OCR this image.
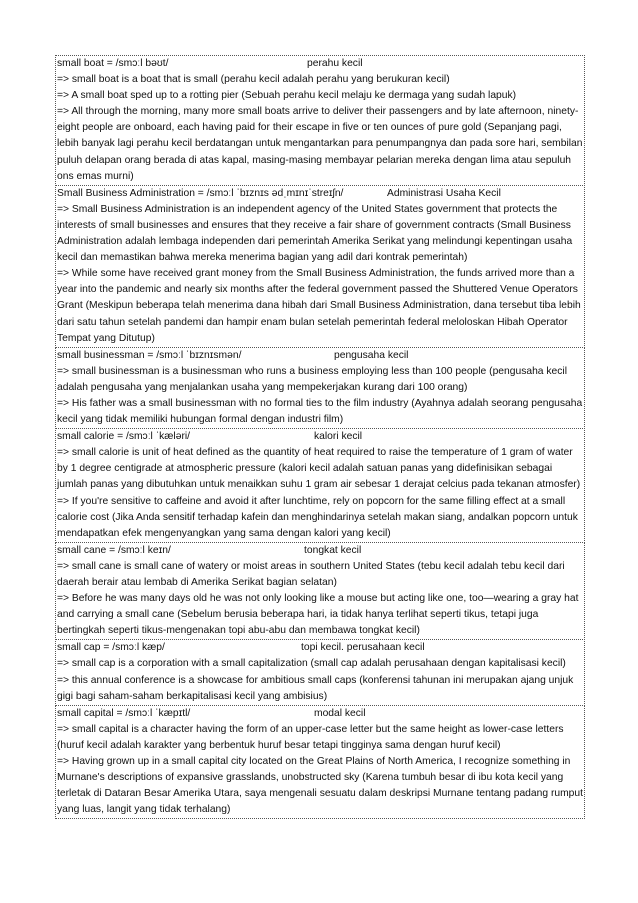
small boat = /smɔːl bəʊt/	perahu kecil
=> small boat is a boat that is small (perahu kecil adalah perahu yang berukuran kecil)
=> A small boat sped up to a rotting pier (Sebuah perahu kecil melaju ke dermaga yang sudah lapuk)
=> All through the morning, many more small boats arrive to deliver their passengers and by late afternoon, ninety-eight people are onboard, each having paid for their escape in five or ten ounces of pure gold (Sepanjang pagi, lebih banyak lagi perahu kecil berdatangan untuk mengantarkan para penumpangnya dan pada sore hari, sembilan puluh delapan orang berada di atas kapal, masing-masing membayar pelarian mereka dengan lima atau sepuluh ons emas murni)
Small Business Administration = /smɔːl ˈbɪznɪs ədˌmɪnɪˈstreɪʃn/	Administrasi Usaha Kecil
=> Small Business Administration is an independent agency of the United States government that protects the interests of small businesses and ensures that they receive a fair share of government contracts (Small Business Administration adalah lembaga independen dari pemerintah Amerika Serikat yang melindungi kepentingan usaha kecil dan memastikan bahwa mereka menerima bagian yang adil dari kontrak pemerintah)
=> While some have received grant money from the Small Business Administration, the funds arrived more than a year into the pandemic and nearly six months after the federal government passed the Shuttered Venue Operators Grant (Meskipun beberapa telah menerima dana hibah dari Small Business Administration, dana tersebut tiba lebih dari satu tahun setelah pandemi dan hampir enam bulan setelah pemerintah federal meloloskan Hibah Operator Tempat yang Ditutup)
small businessman = /smɔːl ˈbɪznɪsmən/	pengusaha kecil
=> small businessman is a businessman who runs a business employing less than 100 people (pengusaha kecil adalah pengusaha yang menjalankan usaha yang mempekerjakan kurang dari 100 orang)
=> His father was a small businessman with no formal ties to the film industry (Ayahnya adalah seorang pengusaha kecil yang tidak memiliki hubungan formal dengan industri film)
small calorie = /smɔːl ˈkæləri/	kalori kecil
=> small calorie is unit of heat defined as the quantity of heat required to raise the temperature of 1 gram of water by 1 degree centigrade at atmospheric pressure (kalori kecil adalah satuan panas yang didefinisikan sebagai jumlah panas yang dibutuhkan untuk menaikkan suhu 1 gram air sebesar 1 derajat celcius pada tekanan atmosfer)
=> If you're sensitive to caffeine and avoid it after lunchtime, rely on popcorn for the same filling effect at a small calorie cost (Jika Anda sensitif terhadap kafein dan menghindarinya setelah makan siang, andalkan popcorn untuk mendapatkan efek mengenyangkan yang sama dengan kalori yang kecil)
small cane = /smɔːl keɪn/	tongkat kecil
=> small cane is small cane of watery or moist areas in southern United States (tebu kecil adalah tebu kecil dari daerah berair atau lembab di Amerika Serikat bagian selatan)
=> Before he was many days old he was not only looking like a mouse but acting like one, too—wearing a gray hat and carrying a small cane (Sebelum berusia beberapa hari, ia tidak hanya terlihat seperti tikus, tetapi juga bertingkah seperti tikus-mengenakan topi abu-abu dan membawa tongkat kecil)
small cap = /smɔːl kæp/	topi kecil. perusahaan kecil
=> small cap is a corporation with a small capitalization (small cap adalah perusahaan dengan kapitalisasi kecil)
=> this annual conference is a showcase for ambitious small caps (konferensi tahunan ini merupakan ajang unjuk gigi bagi saham-saham berkapitalisasi kecil yang ambisius)
small capital = /smɔːl ˈkæpɪtl/	modal kecil
=> small capital is a character having the form of an upper-case letter but the same height as lower-case letters (huruf kecil adalah karakter yang berbentuk huruf besar tetapi tingginya sama dengan huruf kecil)
=> Having grown up in a small capital city located on the Great Plains of North America, I recognize something in Murnane's descriptions of expansive grasslands, unobstructed sky (Karena tumbuh besar di ibu kota kecil yang terletak di Dataran Besar Amerika Utara, saya mengenali sesuatu dalam deskripsi Murnane tentang padang rumput yang luas, langit yang tidak terhalang)
